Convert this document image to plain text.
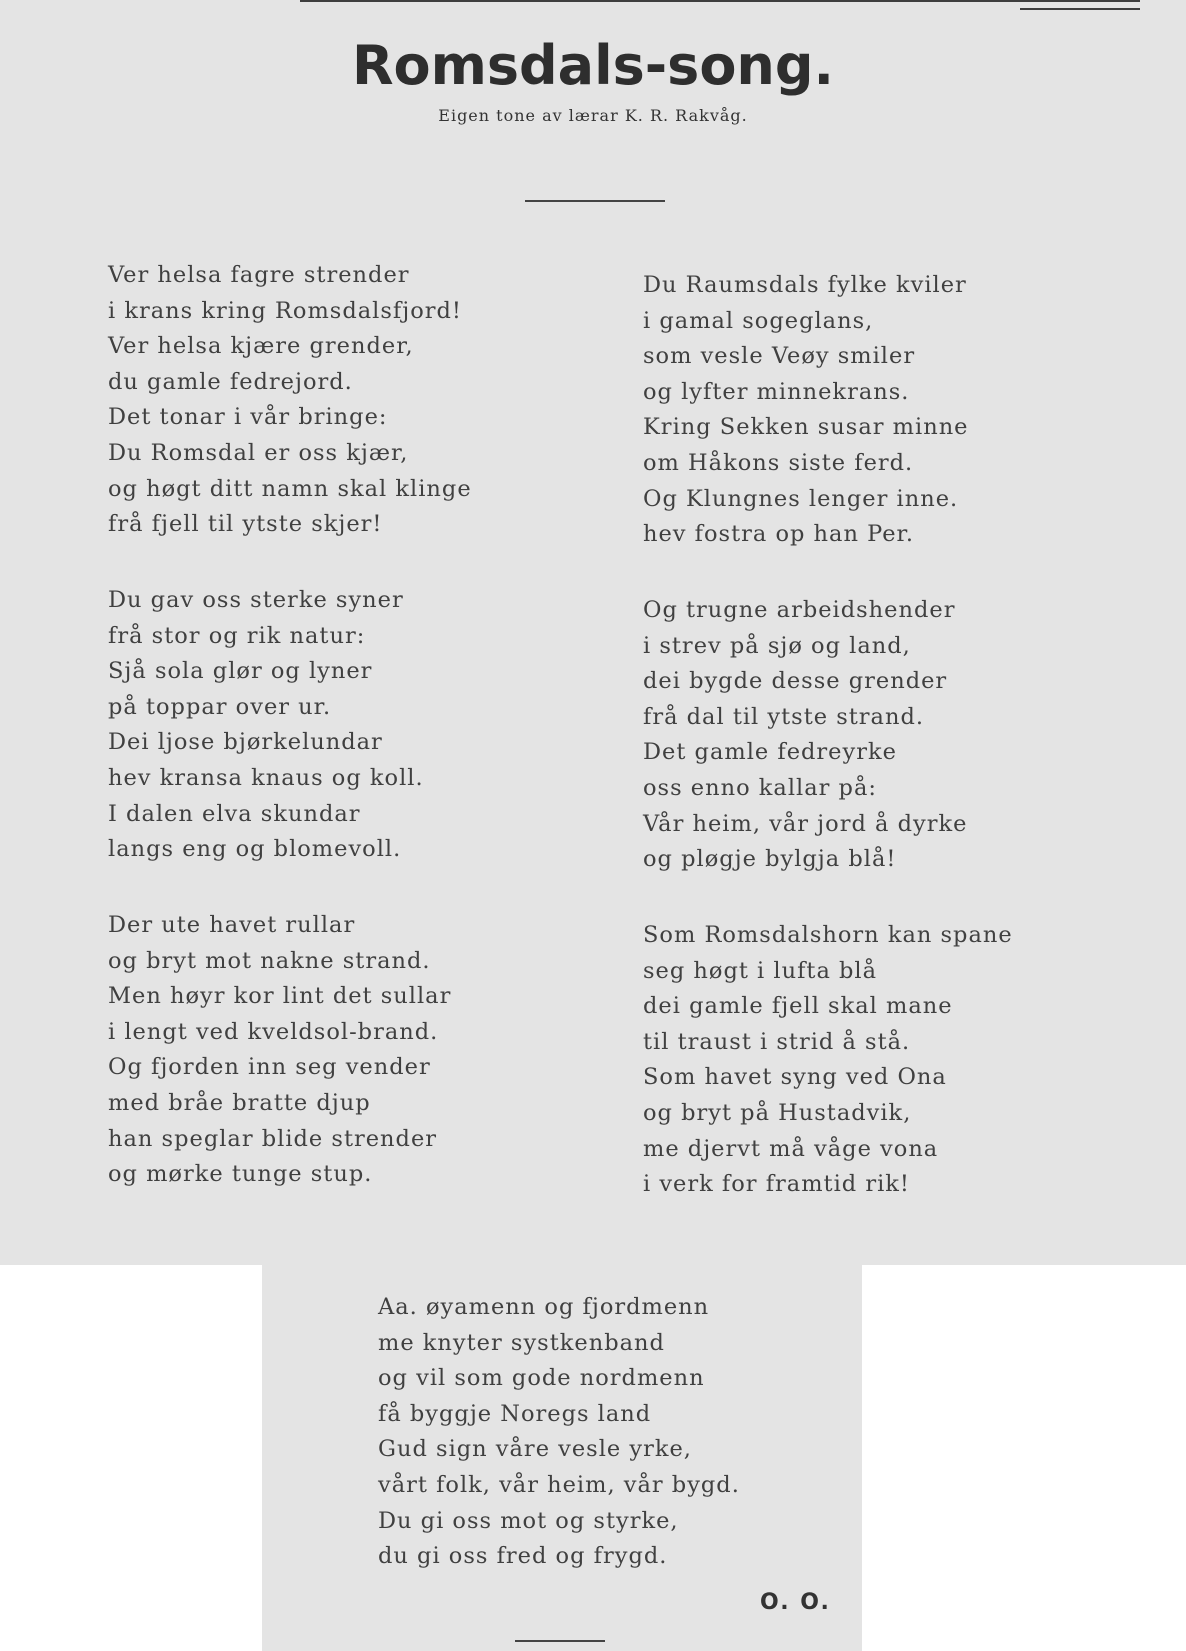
Romsdals-song.

Eigen tone av lærar K. R. Rakvåg.

Ver helsa fagre strender
i krans kring Romsdalsfjord!
Ver helsa kjære grender,
du gamle fedrejord.
Det tonar i vår bringe:
Du Romsdal er oss kjær,
og høgt ditt namn skal klinge
frå fjell til ytste skjer!
Du gav oss sterke syner
frå stor og rik natur:
Sjå sola glør og lyner
på toppar over ur.
Dei ljose bjørkelundar
hev kransa knaus og koll.
I dalen elva skundar
langs eng og blomevoll.
Der ute havet rullar
og bryt mot nakne strand.
Men høyr kor lint det sullar
i lengt ved kveldsol-brand.
Og fjorden inn seg vender
med bråe bratte djup
han speglar blide strender
og mørke tunge stup.
Du Raumsdals fylke kviler
i gamal sogeglans,
som vesle Veøy smiler
og lyfter minnekrans.
Kring Sekken susar minne
om Håkons siste ferd.
Og Klungnes lenger inne.
hev fostra op han Per.
Og trugne arbeidshender
i strev på sjø og land,
dei bygde desse grender
frå dal til ytste strand.
Det gamle fedreyrke
oss enno kallar på:
Vår heim, vår jord å dyrke
og pløgje bylgja blå!
Som Romsdalshorn kan spane
seg høgt i lufta blå
dei gamle fjell skal mane
til traust i strid å stå.
Som havet syng ved Ona
og bryt på Hustadvik,
me djervt må våge vona
i verk for framtid rik!
Aa. øyamenn og fjordmenn
me knyter systkenband
og vil som gode nordmenn
få byggje Noregs land
Gud sign våre vesle yrke,
vårt folk, vår heim, vår bygd.
Du gi oss mot og styrke,
du gi oss fred og frygd.
O. O.
